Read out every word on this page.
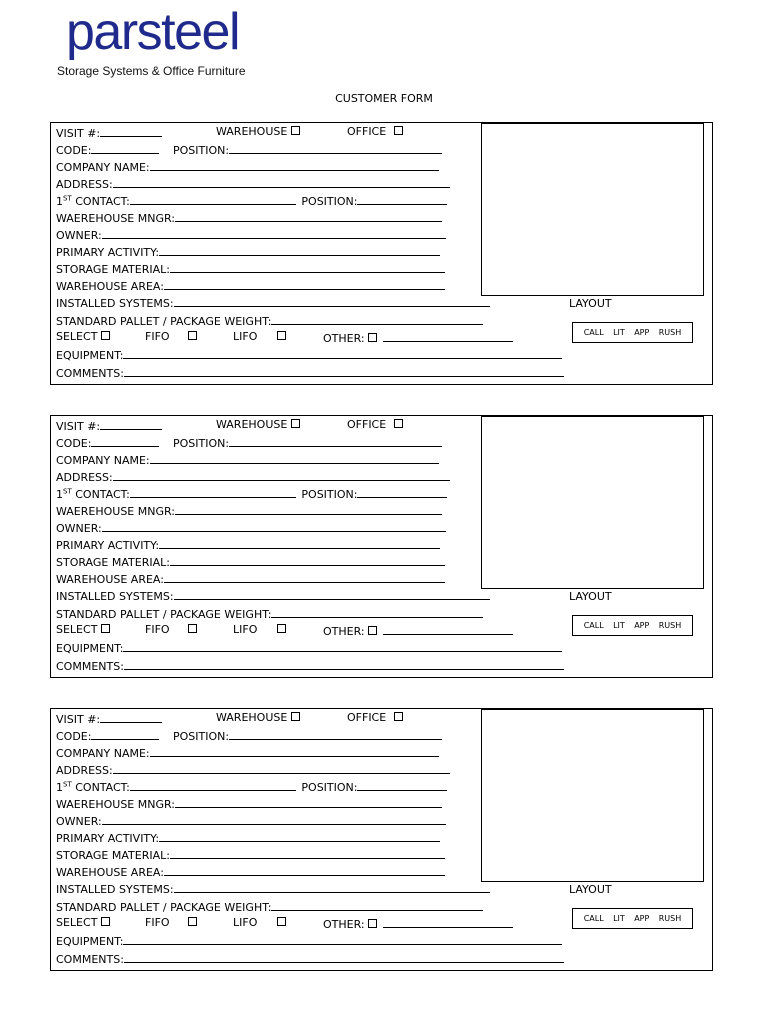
parsteel
Storage Systems & Office Furniture
CUSTOMER FORM
VISIT #:	WAREHOUSE	OFFICE
CODE:	POSITION:
COMPANY NAME:
ADDRESS:
1ST CONTACT:	POSITION:
WAEREHOUSE MNGR:
OWNER:
PRIMARY ACTIVITY:
STORAGE MATERIAL:
WAREHOUSE AREA:
INSTALLED SYSTEMS:
STANDARD PALLET / PACKAGE WEIGHT:
SELECT	FIFO	LIFO	OTHER:
EQUIPMENT:
COMMENTS:
LAYOUT
CALL LIT APP RUSH
VISIT #:	WAREHOUSE	OFFICE
CODE:	POSITION:
COMPANY NAME:
ADDRESS:
1ST CONTACT:	POSITION:
WAEREHOUSE MNGR:
OWNER:
PRIMARY ACTIVITY:
STORAGE MATERIAL:
WAREHOUSE AREA:
INSTALLED SYSTEMS:
STANDARD PALLET / PACKAGE WEIGHT:
SELECT	FIFO	LIFO	OTHER:
EQUIPMENT:
COMMENTS:
LAYOUT
CALL LIT APP RUSH
VISIT #:	WAREHOUSE	OFFICE
CODE:	POSITION:
COMPANY NAME:
ADDRESS:
1ST CONTACT:	POSITION:
WAEREHOUSE MNGR:
OWNER:
PRIMARY ACTIVITY:
STORAGE MATERIAL:
WAREHOUSE AREA:
INSTALLED SYSTEMS:
STANDARD PALLET / PACKAGE WEIGHT:
SELECT	FIFO	LIFO	OTHER:
EQUIPMENT:
COMMENTS:
LAYOUT
CALL LIT APP RUSH
